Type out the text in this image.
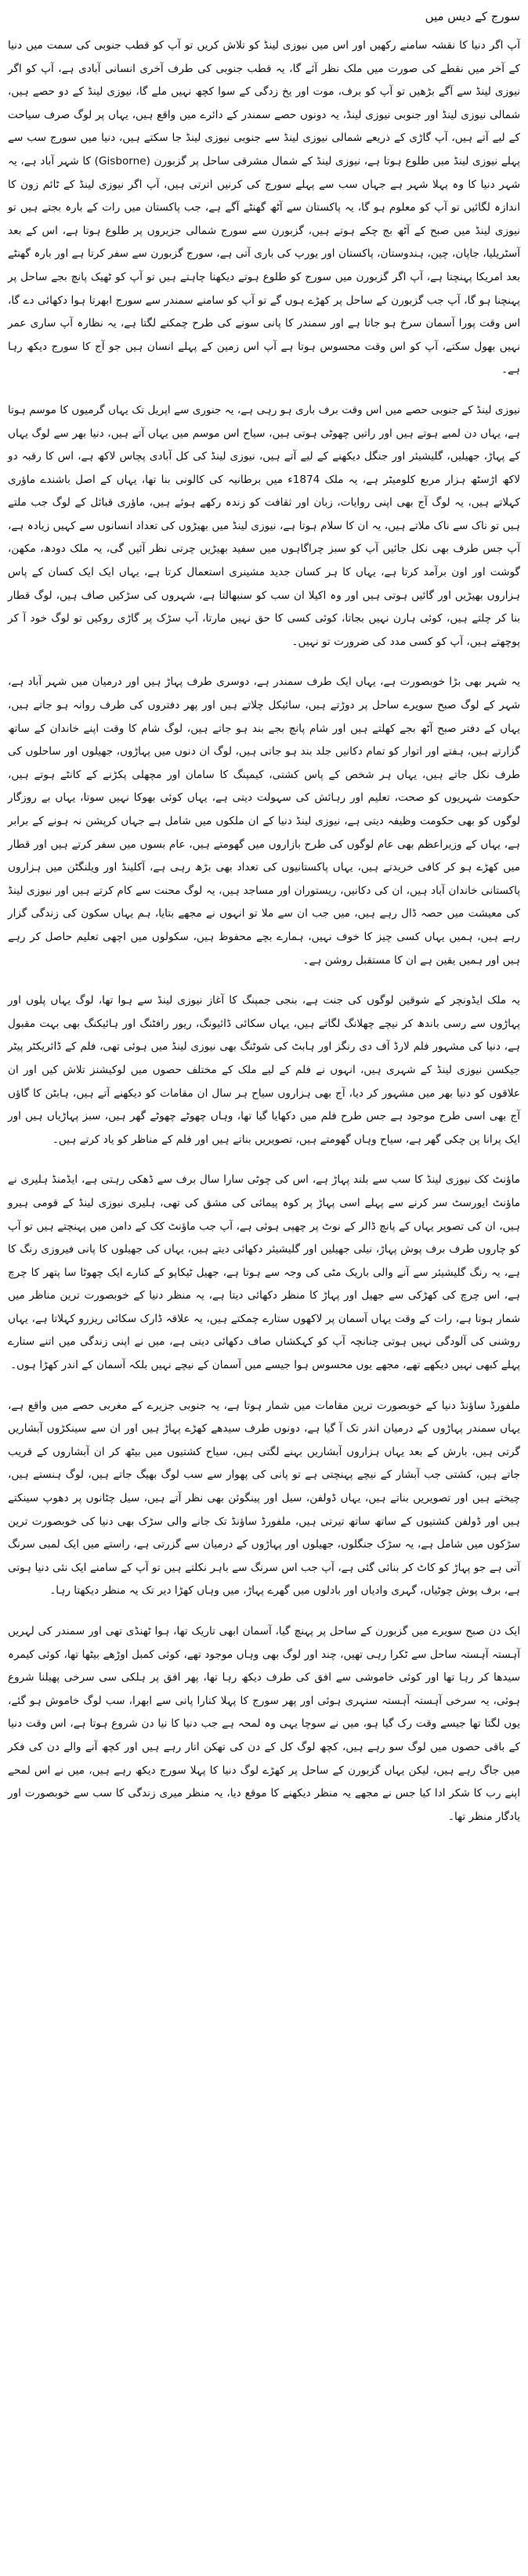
سورج کے دیس میں

آپ اگر دنیا کا نقشہ سامنے رکھیں اور اس میں نیوزی لینڈ کو تلاش کریں تو آپ کو قطب جنوبی کی سمت میں دنیا کے آخر میں نقطے کی صورت میں ملک نظر آئے گا، یہ قطب جنوبی کی طرف آخری انسانی آبادی ہے، آپ کو اگر نیوزی لینڈ سے آگے بڑھیں تو آپ کو برف، موت اور یخ زدگی کے سوا کچھ نہیں ملے گا، نیوزی لینڈ کے دو حصے ہیں، شمالی نیوزی لینڈ اور جنوبی نیوزی لینڈ، یہ دونوں حصے سمندر کے دائرے میں واقع ہیں، یہاں پر لوگ صرف سیاحت کے لیے آتے ہیں، آپ گاڑی کے ذریعے شمالی نیوزی لینڈ سے جنوبی نیوزی لینڈ جا سکتے ہیں، دنیا میں سورج سب سے پہلے نیوزی لینڈ میں طلوع ہوتا ہے، نیوزی لینڈ کے شمال مشرقی ساحل پر گزبورن (Gisborne) کا شہر آباد ہے، یہ شہر دنیا کا وہ پہلا شہر ہے جہاں سب سے پہلے سورج کی کرنیں اترتی ہیں، آپ اگر نیوزی لینڈ کے ٹائم زون کا اندازہ لگائیں تو آپ کو معلوم ہو گا، یہ پاکستان سے آٹھ گھنٹے آگے ہے، جب پاکستان میں رات کے بارہ بجتے ہیں تو نیوزی لینڈ میں صبح کے آٹھ بج چکے ہوتے ہیں، گزبورن سے سورج شمالی جزیروں پر طلوع ہوتا ہے، اس کے بعد آسٹریلیا، جاپان، چین، ہندوستان، پاکستان اور یورپ کی باری آتی ہے، سورج گزبورن سے سفر کرتا ہے اور بارہ گھنٹے بعد امریکا پہنچتا ہے، آپ اگر گزبورن میں سورج کو طلوع ہوتے دیکھنا چاہتے ہیں تو آپ کو ٹھیک پانچ بجے ساحل پر پہنچنا ہو گا، آپ جب گزبورن کے ساحل پر کھڑے ہوں گے تو آپ کو سامنے سمندر سے سورج ابھرتا ہوا دکھائی دے گا، اس وقت پورا آسمان سرخ ہو جاتا ہے اور سمندر کا پانی سونے کی طرح چمکنے لگتا ہے، یہ نظارہ آپ ساری عمر نہیں بھول سکتے، آپ کو اس وقت محسوس ہوتا ہے آپ اس زمین کے پہلے انسان ہیں جو آج کا سورج دیکھ رہا ہے۔

نیوزی لینڈ کے جنوبی حصے میں اس وقت برف باری ہو رہی ہے، یہ جنوری سے اپریل تک یہاں گرمیوں کا موسم ہوتا ہے، یہاں دن لمبے ہوتے ہیں اور راتیں چھوٹی ہوتی ہیں، سیاح اس موسم میں یہاں آتے ہیں، دنیا بھر سے لوگ یہاں کے پہاڑ، جھیلیں، گلیشیئر اور جنگل دیکھنے کے لیے آتے ہیں، نیوزی لینڈ کی کل آبادی پچاس لاکھ ہے، اس کا رقبہ دو لاکھ اڑسٹھ ہزار مربع کلومیٹر ہے، یہ ملک 1874ء میں برطانیہ کی کالونی بنا تھا، یہاں کے اصل باشندے ماؤری کہلاتے ہیں، یہ لوگ آج بھی اپنی روایات، زبان اور ثقافت کو زندہ رکھے ہوئے ہیں، ماؤری قبائل کے لوگ جب ملتے ہیں تو ناک سے ناک ملاتے ہیں، یہ ان کا سلام ہوتا ہے، نیوزی لینڈ میں بھیڑوں کی تعداد انسانوں سے کہیں زیادہ ہے، آپ جس طرف بھی نکل جائیں آپ کو سبز چراگاہوں میں سفید بھیڑیں چرتی نظر آئیں گی، یہ ملک دودھ، مکھن، گوشت اور اون برآمد کرتا ہے، یہاں کا ہر کسان جدید مشینری استعمال کرتا ہے، یہاں ایک ایک کسان کے پاس ہزاروں بھیڑیں اور گائیں ہوتی ہیں اور وہ اکیلا ان سب کو سنبھالتا ہے، شہروں کی سڑکیں صاف ہیں، لوگ قطار بنا کر چلتے ہیں، کوئی ہارن نہیں بجاتا، کوئی کسی کا حق نہیں مارتا، آپ سڑک پر گاڑی روکیں تو لوگ خود آ کر پوچھتے ہیں، آپ کو کسی مدد کی ضرورت تو نہیں۔

یہ شہر بھی بڑا خوبصورت ہے، یہاں ایک طرف سمندر ہے، دوسری طرف پہاڑ ہیں اور درمیان میں شہر آباد ہے، شہر کے لوگ صبح سویرے ساحل پر دوڑتے ہیں، سائیکل چلاتے ہیں اور پھر دفتروں کی طرف روانہ ہو جاتے ہیں، یہاں کے دفتر صبح آٹھ بجے کھلتے ہیں اور شام پانچ بجے بند ہو جاتے ہیں، لوگ شام کا وقت اپنے خاندان کے ساتھ گزارتے ہیں، ہفتے اور اتوار کو تمام دکانیں جلد بند ہو جاتی ہیں، لوگ ان دنوں میں پہاڑوں، جھیلوں اور ساحلوں کی طرف نکل جاتے ہیں، یہاں ہر شخص کے پاس کشتی، کیمپنگ کا سامان اور مچھلی پکڑنے کے کانٹے ہوتے ہیں، حکومت شہریوں کو صحت، تعلیم اور رہائش کی سہولت دیتی ہے، یہاں کوئی بھوکا نہیں سوتا، یہاں بے روزگار لوگوں کو بھی حکومت وظیفہ دیتی ہے، نیوزی لینڈ دنیا کے ان ملکوں میں شامل ہے جہاں کرپشن نہ ہونے کے برابر ہے، یہاں کے وزیراعظم بھی عام لوگوں کی طرح بازاروں میں گھومتے ہیں، عام بسوں میں سفر کرتے ہیں اور قطار میں کھڑے ہو کر کافی خریدتے ہیں، یہاں پاکستانیوں کی تعداد بھی بڑھ رہی ہے، آکلینڈ اور ویلنگٹن میں ہزاروں پاکستانی خاندان آباد ہیں، ان کی دکانیں، ریستوران اور مساجد ہیں، یہ لوگ محنت سے کام کرتے ہیں اور نیوزی لینڈ کی معیشت میں حصہ ڈال رہے ہیں، میں جب ان سے ملا تو انہوں نے مجھے بتایا، ہم یہاں سکون کی زندگی گزار رہے ہیں، ہمیں یہاں کسی چیز کا خوف نہیں، ہمارے بچے محفوظ ہیں، سکولوں میں اچھی تعلیم حاصل کر رہے ہیں اور ہمیں یقین ہے ان کا مستقبل روشن ہے۔

یہ ملک ایڈونچر کے شوقین لوگوں کی جنت ہے، بنجی جمپنگ کا آغاز نیوزی لینڈ سے ہوا تھا، لوگ یہاں پلوں اور پہاڑوں سے رسی باندھ کر نیچے چھلانگ لگاتے ہیں، یہاں سکائی ڈائیونگ، ریور رافٹنگ اور ہائیکنگ بھی بہت مقبول ہے، دنیا کی مشہور فلم لارڈ آف دی رنگز اور ہابٹ کی شوٹنگ بھی نیوزی لینڈ میں ہوئی تھی، فلم کے ڈائریکٹر پیٹر جیکسن نیوزی لینڈ کے شہری ہیں، انہوں نے فلم کے لیے ملک کے مختلف حصوں میں لوکیشنز تلاش کیں اور ان علاقوں کو دنیا بھر میں مشہور کر دیا، آج بھی ہزاروں سیاح ہر سال ان مقامات کو دیکھنے آتے ہیں، ہابٹن کا گاؤں آج بھی اسی طرح موجود ہے جس طرح فلم میں دکھایا گیا تھا، وہاں چھوٹے چھوٹے گھر ہیں، سبز پہاڑیاں ہیں اور ایک پرانا پن چکی گھر ہے، سیاح وہاں گھومتے ہیں، تصویریں بناتے ہیں اور فلم کے مناظر کو یاد کرتے ہیں۔

ماؤنٹ کک نیوزی لینڈ کا سب سے بلند پہاڑ ہے، اس کی چوٹی سارا سال برف سے ڈھکی رہتی ہے، ایڈمنڈ ہلیری نے ماؤنٹ ایورسٹ سر کرنے سے پہلے اسی پہاڑ پر کوہ پیمائی کی مشق کی تھی، ہلیری نیوزی لینڈ کے قومی ہیرو ہیں، ان کی تصویر یہاں کے پانچ ڈالر کے نوٹ پر چھپی ہوئی ہے، آپ جب ماؤنٹ کک کے دامن میں پہنچتے ہیں تو آپ کو چاروں طرف برف پوش پہاڑ، نیلی جھیلیں اور گلیشیئر دکھائی دیتے ہیں، یہاں کی جھیلوں کا پانی فیروزی رنگ کا ہے، یہ رنگ گلیشیئر سے آنے والی باریک مٹی کی وجہ سے ہوتا ہے، جھیل ٹیکاپو کے کنارے ایک چھوٹا سا پتھر کا چرچ ہے، اس چرچ کی کھڑکی سے جھیل اور پہاڑ کا منظر دکھائی دیتا ہے، یہ منظر دنیا کے خوبصورت ترین مناظر میں شمار ہوتا ہے، رات کے وقت یہاں آسمان پر لاکھوں ستارے چمکتے ہیں، یہ علاقہ ڈارک سکائی ریزرو کہلاتا ہے، یہاں روشنی کی آلودگی نہیں ہوتی چنانچہ آپ کو کہکشاں صاف دکھائی دیتی ہے، میں نے اپنی زندگی میں اتنے ستارے پہلے کبھی نہیں دیکھے تھے، مجھے یوں محسوس ہوا جیسے میں آسمان کے نیچے نہیں بلکہ آسمان کے اندر کھڑا ہوں۔

ملفورڈ ساؤنڈ دنیا کے خوبصورت ترین مقامات میں شمار ہوتا ہے، یہ جنوبی جزیرے کے مغربی حصے میں واقع ہے، یہاں سمندر پہاڑوں کے درمیان اندر تک آ گیا ہے، دونوں طرف سیدھے کھڑے پہاڑ ہیں اور ان سے سینکڑوں آبشاریں گرتی ہیں، بارش کے بعد یہاں ہزاروں آبشاریں بہنے لگتی ہیں، سیاح کشتیوں میں بیٹھ کر ان آبشاروں کے قریب جاتے ہیں، کشتی جب آبشار کے نیچے پہنچتی ہے تو پانی کی پھوار سے سب لوگ بھیگ جاتے ہیں، لوگ ہنستے ہیں، چیختے ہیں اور تصویریں بناتے ہیں، یہاں ڈولفن، سیل اور پینگوئن بھی نظر آتے ہیں، سیل چٹانوں پر دھوپ سینکتے ہیں اور ڈولفن کشتیوں کے ساتھ ساتھ تیرتی ہیں، ملفورڈ ساؤنڈ تک جانے والی سڑک بھی دنیا کی خوبصورت ترین سڑکوں میں شامل ہے، یہ سڑک جنگلوں، جھیلوں اور پہاڑوں کے درمیان سے گزرتی ہے، راستے میں ایک لمبی سرنگ آتی ہے جو پہاڑ کو کاٹ کر بنائی گئی ہے، آپ جب اس سرنگ سے باہر نکلتے ہیں تو آپ کے سامنے ایک نئی دنیا ہوتی ہے، برف پوش چوٹیاں، گہری وادیاں اور بادلوں میں گھرے پہاڑ، میں وہاں کھڑا دیر تک یہ منظر دیکھتا رہا۔

ایک دن صبح سویرے میں گزبورن کے ساحل پر پہنچ گیا، آسمان ابھی تاریک تھا، ہوا ٹھنڈی تھی اور سمندر کی لہریں آہستہ آہستہ ساحل سے ٹکرا رہی تھیں، چند اور لوگ بھی وہاں موجود تھے، کوئی کمبل اوڑھے بیٹھا تھا، کوئی کیمرہ سیدھا کر رہا تھا اور کوئی خاموشی سے افق کی طرف دیکھ رہا تھا، پھر افق پر ہلکی سی سرخی پھیلنا شروع ہوئی، یہ سرخی آہستہ آہستہ سنہری ہوئی اور پھر سورج کا پہلا کنارا پانی سے ابھرا، سب لوگ خاموش ہو گئے، یوں لگتا تھا جیسے وقت رک گیا ہو، میں نے سوچا یہی وہ لمحہ ہے جب دنیا کا نیا دن شروع ہوتا ہے، اس وقت دنیا کے باقی حصوں میں لوگ سو رہے ہیں، کچھ لوگ کل کے دن کی تھکن اتار رہے ہیں اور کچھ آنے والے دن کی فکر میں جاگ رہے ہیں، لیکن یہاں گزبورن کے ساحل پر کھڑے لوگ دنیا کا پہلا سورج دیکھ رہے ہیں، میں نے اس لمحے اپنے رب کا شکر ادا کیا جس نے مجھے یہ منظر دیکھنے کا موقع دیا، یہ منظر میری زندگی کا سب سے خوبصورت اور یادگار منظر تھا۔
